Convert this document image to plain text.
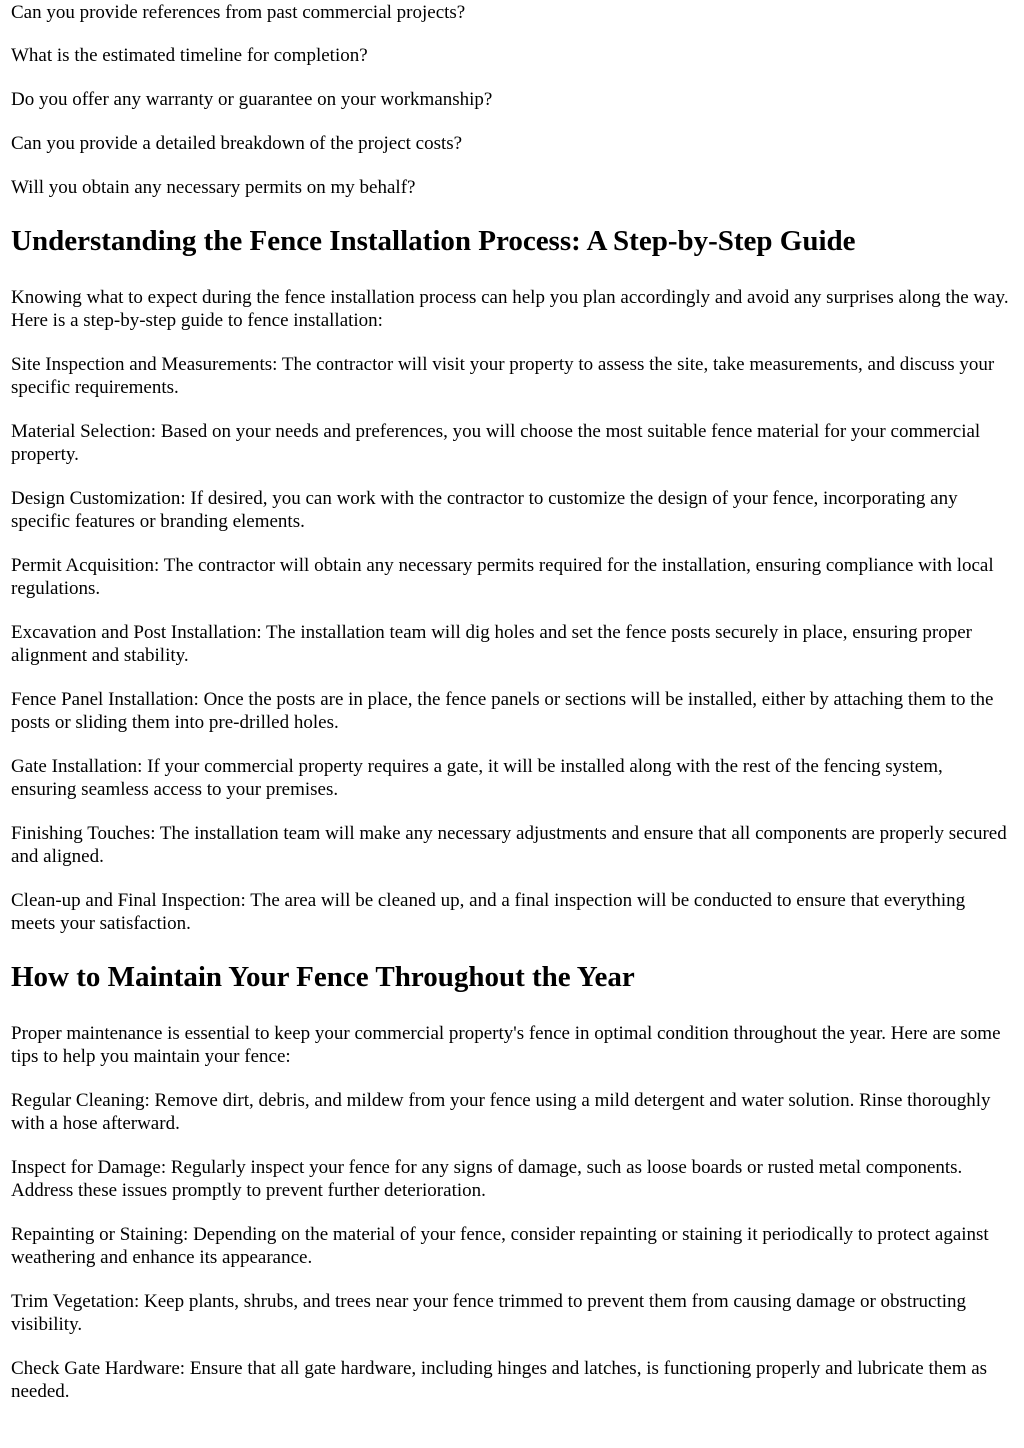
Can you provide references from past commercial projects?

What is the estimated timeline for completion?

Do you offer any warranty or guarantee on your workmanship?

Can you provide a detailed breakdown of the project costs?

Will you obtain any necessary permits on my behalf?

Understanding the Fence Installation Process: A Step-by-Step Guide

Knowing what to expect during the fence installation process can help you plan accordingly and avoid any surprises along the way. Here is a step-by-step guide to fence installation:

Site Inspection and Measurements: The contractor will visit your property to assess the site, take measurements, and discuss your specific requirements.

Material Selection: Based on your needs and preferences, you will choose the most suitable fence material for your commercial property.

Design Customization: If desired, you can work with the contractor to customize the design of your fence, incorporating any specific features or branding elements.

Permit Acquisition: The contractor will obtain any necessary permits required for the installation, ensuring compliance with local regulations.

Excavation and Post Installation: The installation team will dig holes and set the fence posts securely in place, ensuring proper alignment and stability.

Fence Panel Installation: Once the posts are in place, the fence panels or sections will be installed, either by attaching them to the posts or sliding them into pre-drilled holes.

Gate Installation: If your commercial property requires a gate, it will be installed along with the rest of the fencing system, ensuring seamless access to your premises.

Finishing Touches: The installation team will make any necessary adjustments and ensure that all components are properly secured and aligned.

Clean-up and Final Inspection: The area will be cleaned up, and a final inspection will be conducted to ensure that everything meets your satisfaction.

How to Maintain Your Fence Throughout the Year

Proper maintenance is essential to keep your commercial property's fence in optimal condition throughout the year. Here are some tips to help you maintain your fence:

Regular Cleaning: Remove dirt, debris, and mildew from your fence using a mild detergent and water solution. Rinse thoroughly with a hose afterward.

Inspect for Damage: Regularly inspect your fence for any signs of damage, such as loose boards or rusted metal components. Address these issues promptly to prevent further deterioration.

Repainting or Staining: Depending on the material of your fence, consider repainting or staining it periodically to protect against weathering and enhance its appearance.

Trim Vegetation: Keep plants, shrubs, and trees near your fence trimmed to prevent them from causing damage or obstructing visibility.

Check Gate Hardware: Ensure that all gate hardware, including hinges and latches, is functioning properly and lubricate them as needed.
